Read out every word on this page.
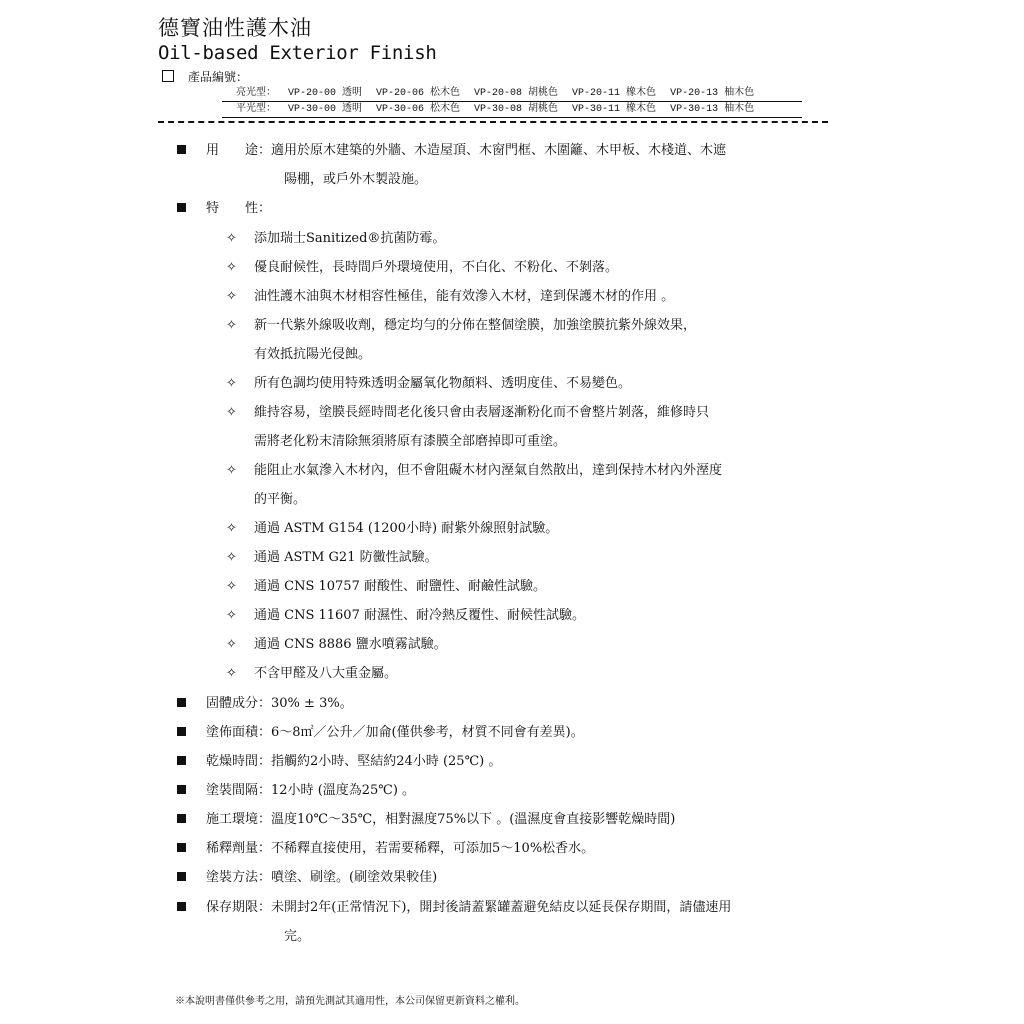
德寶油性護木油
Oil-based Exterior Finish
產品編號：
亮光型： VP-20-00 透明 VP-20-06 松木色 VP-20-08 胡桃色 VP-20-11 橡木色 VP-20-13 柚木色
平光型： VP-30-00 透明 VP-30-06 松木色 VP-30-08 胡桃色 VP-30-11 橡木色 VP-30-13 柚木色
用　　途：適用於原木建築的外牆、木造屋頂、木窗門框、木圍籬、木甲板、木棧道、木遮
陽棚，或戶外木製設施。
特　　性：
✧ 添加瑞士Sanitized®抗菌防霉。
✧ 優良耐候性，長時間戶外環境使用，不白化、不粉化、不剝落。
✧ 油性護木油與木材相容性極佳，能有效滲入木材，達到保護木材的作用 。
✧ 新一代紫外線吸收劑，穩定均勻的分佈在整個塗膜，加強塗膜抗紫外線效果，
有效抵抗陽光侵蝕。
✧ 所有色調均使用特殊透明金屬氧化物顏料、透明度佳、不易變色。
✧ 維持容易，塗膜長經時間老化後只會由表層逐漸粉化而不會整片剝落，維修時只
需將老化粉末清除無須將原有漆膜全部磨掉即可重塗。
✧ 能阻止水氣滲入木材內，但不會阻礙木材內溼氣自然散出，達到保持木材內外溼度
的平衡。
✧ 通過 ASTM G154 (1200小時) 耐紫外線照射試驗。
✧ 通過 ASTM G21 防黴性試驗。
✧ 通過 CNS 10757 耐酸性、耐鹽性、耐鹼性試驗。
✧ 通過 CNS 11607 耐濕性、耐冷熱反覆性、耐候性試驗。
✧ 通過 CNS 8886 鹽水噴霧試驗。
✧ 不含甲醛及八大重金屬。
固體成分：30% ± 3%。
塗佈面積：6～8㎡／公升／加侖(僅供參考，材質不同會有差異)。
乾燥時間：指觸約2小時、堅結約24小時 (25℃) 。
塗裝間隔：12小時 (溫度為25℃) 。
施工環境：溫度10℃～35℃，相對濕度75%以下 。(溫濕度會直接影響乾燥時間)
稀釋劑量：不稀釋直接使用，若需要稀釋，可添加5～10%松香水。
塗裝方法：噴塗、刷塗。(刷塗效果較佳)
保存期限：未開封2年(正常情況下)，開封後請蓋緊罐蓋避免結皮以延長保存期間，請儘速用
完。
※本說明書僅供參考之用，請預先測試其適用性，本公司保留更新資料之權利。
